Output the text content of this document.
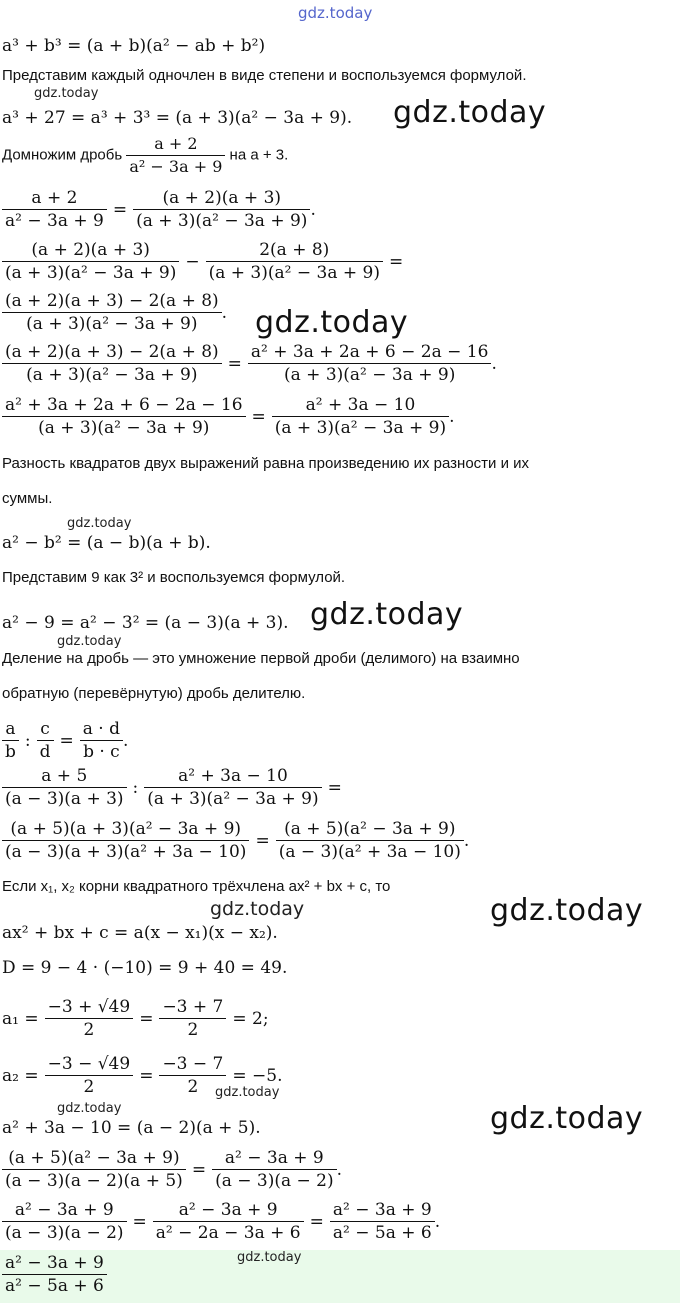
gdz.today
gdz.today
gdz.today
gdz.today
gdz.today
gdz.today
gdz.today
gdz.today	gdz.today
gdz.today
gdz.today	gdz.today
a³ + b³ = (a + b)(a² − ab + b²)
Представим каждый одночлен в виде степени и воспользуемся формулой.
a³ + 27 = a³ + 3³ = (a + 3)(a² − 3a + 9).
Домножим дробь $\frac{a + 2}{\text{a² − 3a + 9}}$ на a + 3.
$\frac{a + 2}{\text{a² − 3a + 9}} = \frac{(a + 2)(a + 3)}{\text{(a + 3)(a² − 3a + 9)}}$ .
$\frac{(a + 2)(a + 3)}{\text{(a + 3)(a² − 3a + 9)}} - \frac{2(a + 8)}{\text{(a + 3)(a² − 3a + 9)}}$ =
$\frac{(a + 2)(a + 3) - 2(a + 8)}{\text{(a + 3)(a² − 3a + 9)}}$ .
$\frac{(a + 2)(a + 3) - 2(a + 8)}{\text{(a + 3)(a² − 3a + 9)}} = \frac{\text{a² + 3a + 2a + 6 − 2a − 16}}{\text{(a + 3)(a² − 3a + 9)}}$ .
$\frac{\text{a² + 3a + 2a + 6 − 2a − 16}}{\text{(a + 3)(a² − 3a + 9)}} = \frac{\text{a² + 3a − 10}}{\text{(a + 3)(a² − 3a + 9)}}$ .
Разность квадратов двух выражений равна произведению их разности и их
суммы.
a² − b² = (a − b)(a + b).
Представим 9 как 3² и воспользуемся формулой.
a² − 9 = a² − 3² = (a − 3)(a + 3).
Деление на дробь — это умножение первой дроби (делимого) на взаимно
обратную (перевёрнутую) дробь делителю.
$\frac{a}{b}$ : $\frac{c}{d} = \frac{a \cdot d}{b \cdot c}$ .
$\frac{a + 5}{(a - 3)(a + 3)}$ : $\frac{\text{a² + 3a − 10}}{\text{(a + 3)(a² − 3a + 9)}}$ =
$\frac{\text{(a + 5)(a + 3)(a² − 3a + 9)}}{\text{(a − 3)(a + 3)(a² + 3a − 10)}} = \frac{\text{(a + 5)(a² − 3a + 9)}}{\text{(a − 3)(a² + 3a − 10)}}$ .
Если x₁, x₂ корни квадратного трёхчлена ax² + bx + c, то
ax² + bx + c = a(x − x₁)(x − x₂).
D = 9 − 4 · (−10) = 9 + 40 = 49.
$a_1 = \frac{-3 + √49}{2} = \frac{-3 + 7}{2} = 2$;
$a_2 = \frac{-3 - √49}{2} = \frac{-3 - 7}{2} = -5$.
a² + 3a − 10 = (a − 2)(a + 5).
$\frac{\text{(a + 5)(a² − 3a + 9)}}{(a - 3)(a - 2)(a + 5)} = \frac{\text{a² − 3a + 9}}{(a - 3)(a - 2)}$ .
$\frac{\text{a² − 3a + 9}}{(a - 3)(a - 2)} = \frac{\text{a² − 3a + 9}}{\text{a² − 2a − 3a + 6}} = \frac{\text{a² − 3a + 9}}{\text{a² − 5a + 6}}$ .
$\frac{\text{a² − 3a + 9}}{\text{a² − 5a + 6}}$	gdz.today
